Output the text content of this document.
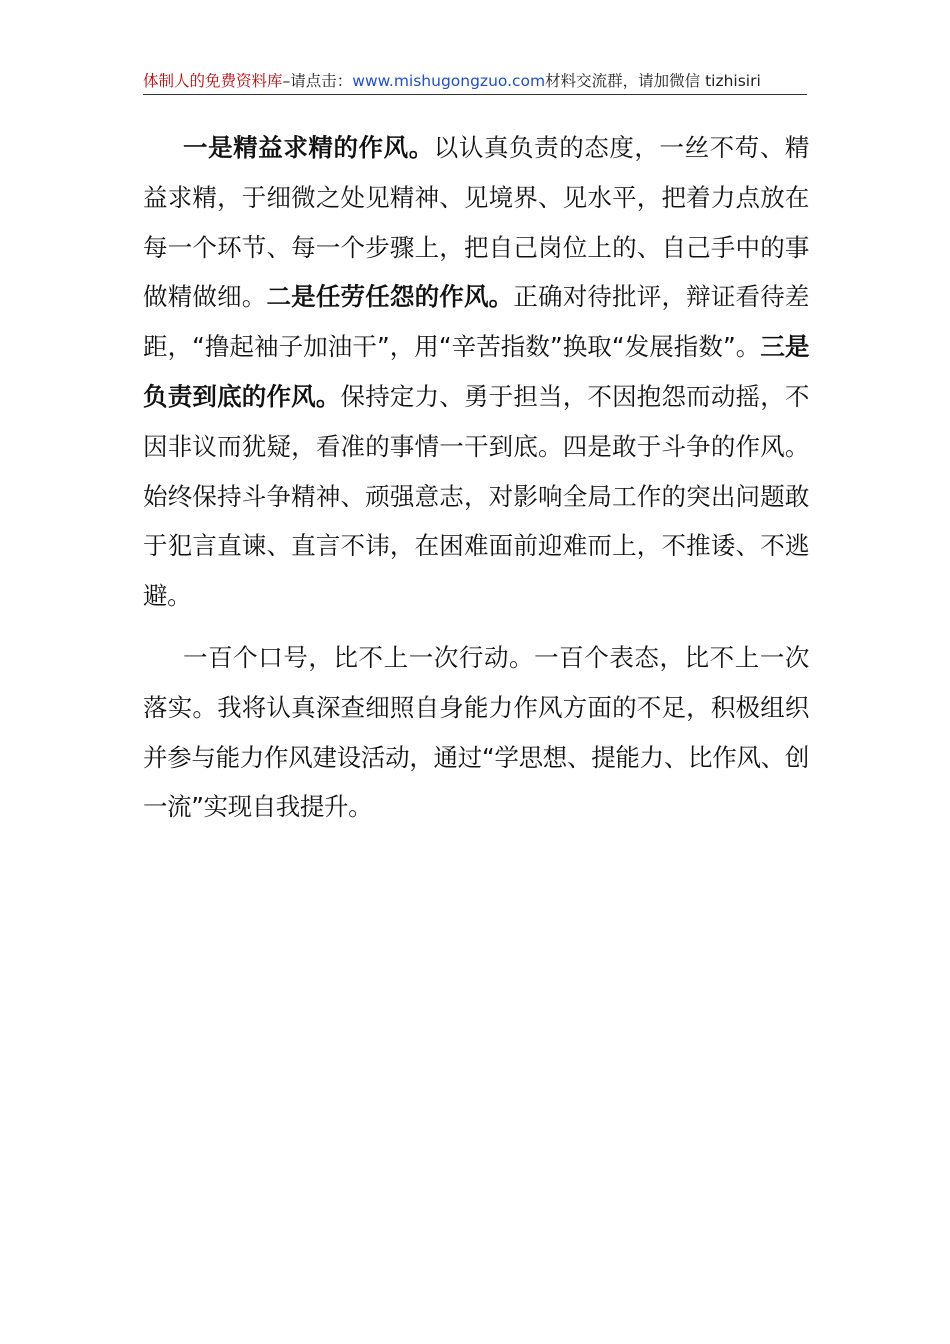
体制人的免费资料库–请点击：www.mishugongzuo.com材料交流群，请加微信 tizhisiri

一是精益求精的作风。以认真负责的态度，一丝不苟、精益求精，于细微之处见精神、见境界、见水平，把着力点放在每一个环节、每一个步骤上，把自己岗位上的、自己手中的事做精做细。二是任劳任怨的作风。正确对待批评，辩证看待差距，“撸起袖子加油干”，用“辛苦指数”换取“发展指数”。三是负责到底的作风。保持定力、勇于担当，不因抱怨而动摇，不因非议而犹疑，看准的事情一干到底。四是敢于斗争的作风。始终保持斗争精神、顽强意志，对影响全局工作的突出问题敢于犯言直谏、直言不讳，在困难面前迎难而上，不推诿、不逃避。

一百个口号，比不上一次行动。一百个表态，比不上一次落实。我将认真深查细照自身能力作风方面的不足，积极组织并参与能力作风建设活动，通过“学思想、提能力、比作风、创一流”实现自我提升。
